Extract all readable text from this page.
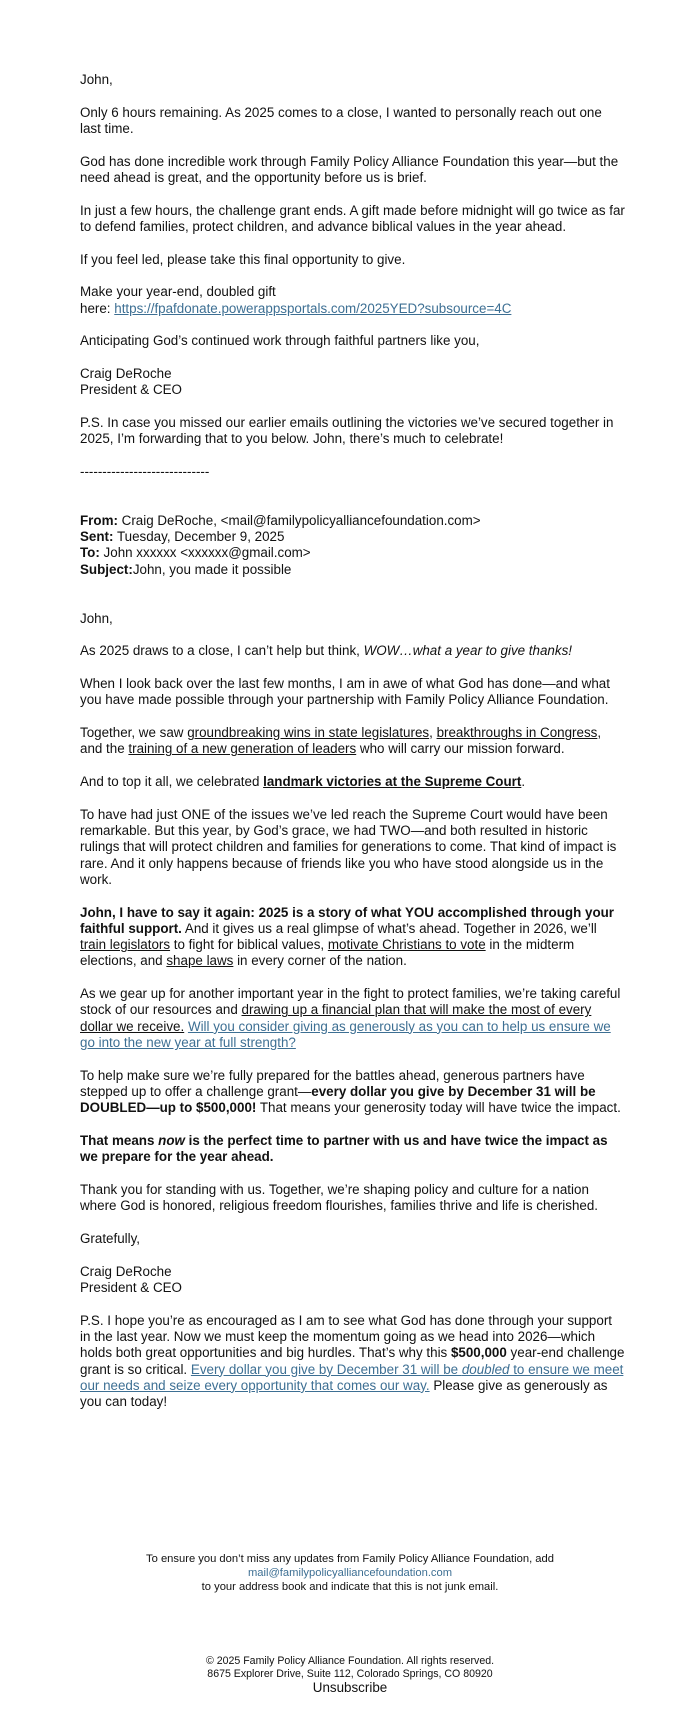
John,

Only 6 hours remaining. As 2025 comes to a close, I wanted to personally reach out one last time.

God has done incredible work through Family Policy Alliance Foundation this year—but the need ahead is great, and the opportunity before us is brief.

In just a few hours, the challenge grant ends. A gift made before midnight will go twice as far to defend families, protect children, and advance biblical values in the year ahead.

If you feel led, please take this final opportunity to give.

Make your year-end, doubled gift
here: https://fpafdonate.powerappsportals.com/2025YED?subsource=4C

Anticipating God’s continued work through faithful partners like you,

Craig DeRoche
President & CEO

P.S. In case you missed our earlier emails outlining the victories we’ve secured together in 2025, I’m forwarding that to you below. John, there’s much to celebrate!

-----------------------------

From: Craig DeRoche, <mail@familypolicyalliancefoundation.com>
Sent: Tuesday, December 9, 2025
To: John xxxxxx <xxxxxx@gmail.com>
Subject:John, you made it possible

John,

As 2025 draws to a close, I can’t help but think, WOW…what a year to give thanks!

When I look back over the last few months, I am in awe of what God has done—and what you have made possible through your partnership with Family Policy Alliance Foundation.

Together, we saw groundbreaking wins in state legislatures, breakthroughs in Congress, and the training of a new generation of leaders who will carry our mission forward.

And to top it all, we celebrated landmark victories at the Supreme Court.

To have had just ONE of the issues we’ve led reach the Supreme Court would have been remarkable. But this year, by God’s grace, we had TWO—and both resulted in historic rulings that will protect children and families for generations to come. That kind of impact is rare. And it only happens because of friends like you who have stood alongside us in the work.

John, I have to say it again: 2025 is a story of what YOU accomplished through your faithful support. And it gives us a real glimpse of what’s ahead. Together in 2026, we’ll train legislators to fight for biblical values, motivate Christians to vote in the midterm elections, and shape laws in every corner of the nation.

As we gear up for another important year in the fight to protect families, we’re taking careful stock of our resources and drawing up a financial plan that will make the most of every dollar we receive. Will you consider giving as generously as you can to help us ensure we go into the new year at full strength?

To help make sure we’re fully prepared for the battles ahead, generous partners have stepped up to offer a challenge grant—every dollar you give by December 31 will be DOUBLED—up to $500,000! That means your generosity today will have twice the impact.

That means now is the perfect time to partner with us and have twice the impact as we prepare for the year ahead.

Thank you for standing with us. Together, we’re shaping policy and culture for a nation where God is honored, religious freedom flourishes, families thrive and life is cherished.

Gratefully,

Craig DeRoche
President & CEO

P.S. I hope you’re as encouraged as I am to see what God has done through your support in the last year. Now we must keep the momentum going as we head into 2026—which holds both great opportunities and big hurdles. That’s why this $500,000 year-end challenge grant is so critical. Every dollar you give by December 31 will be doubled to ensure we meet our needs and seize every opportunity that comes our way. Please give as generously as you can today!

To ensure you don’t miss any updates from Family Policy Alliance Foundation, add
mail@familypolicyalliancefoundation.com
to your address book and indicate that this is not junk email.
© 2025 Family Policy Alliance Foundation. All rights reserved.
8675 Explorer Drive, Suite 112, Colorado Springs, CO 80920
Unsubscribe
